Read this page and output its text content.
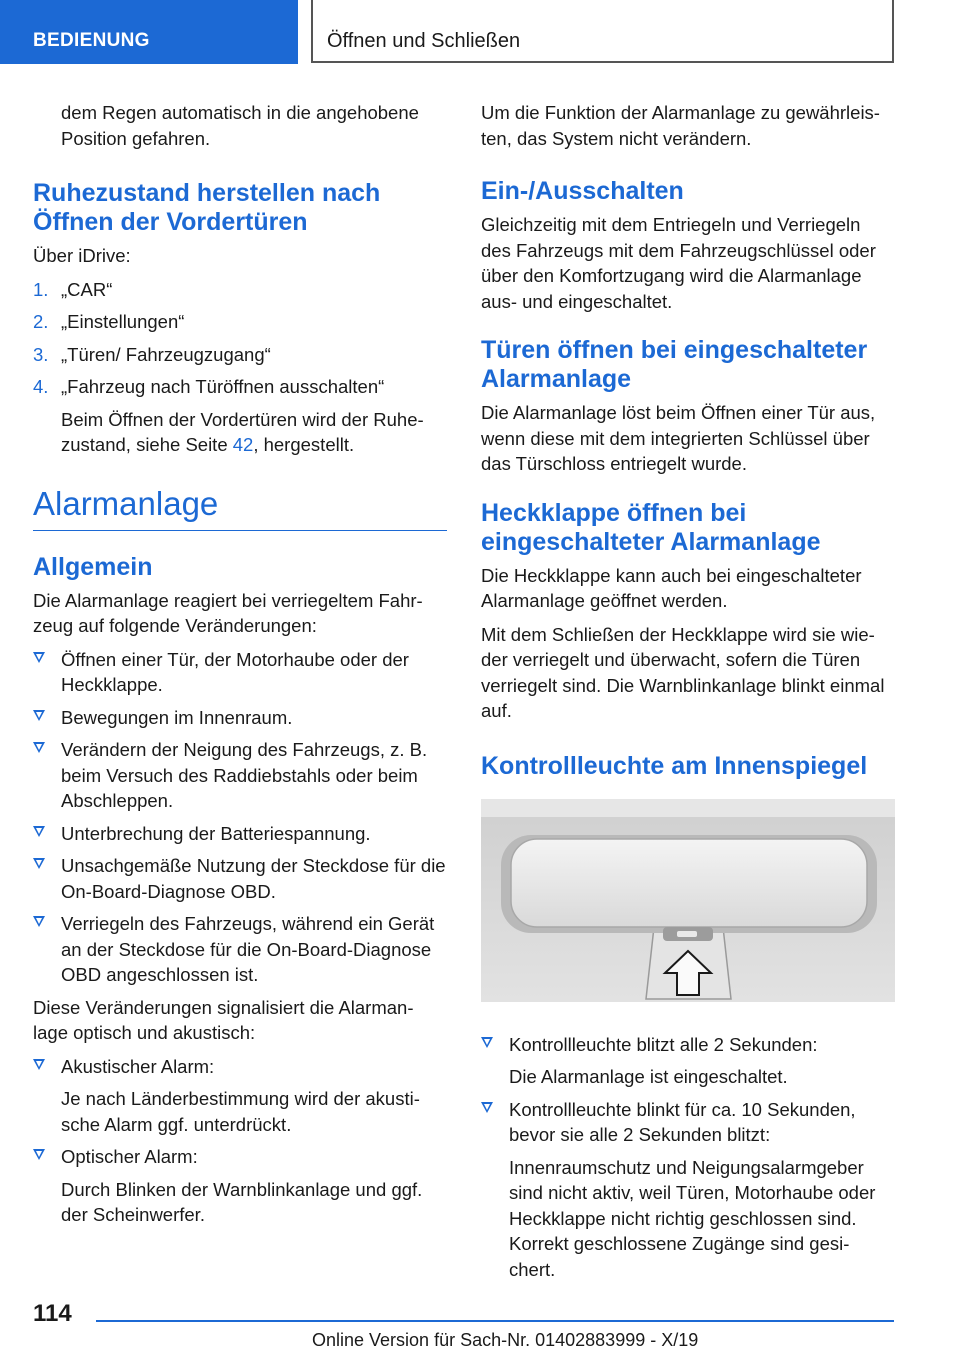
BEDIENUNG	Öffnen und Schließen

dem Regen automatisch in die angehobene Position gefahren.

Ruhezustand herstellen nach Öffnen der Vordertüren

Über iDrive:

1. „CAR“
2. „Einstellungen“
3. „Türen/ Fahrzeugzugang“
4. „Fahrzeug nach Türöffnen ausschalten“
Beim Öffnen der Vordertüren wird der Ruhe- zustand, siehe Seite 42, hergestellt.
Alarmanlage
Allgemein

Die Alarmanlage reagiert bei verriegeltem Fahr- zeug auf folgende Veränderungen:

Öffnen einer Tür, der Motorhaube oder der Heckklappe.
Bewegungen im Innenraum.
Verändern der Neigung des Fahrzeugs, z. B. beim Versuch des Raddiebstahls oder beim Abschleppen.
Unterbrechung der Batteriespannung.
Unsachgemäße Nutzung der Steckdose für die On-Board-Diagnose OBD.
Verriegeln des Fahrzeugs, während ein Gerät an der Steckdose für die On-Board-Diagnose OBD angeschlossen ist.

Diese Veränderungen signalisiert die Alarman- lage optisch und akustisch:

Akustischer Alarm:
Je nach Länderbestimmung wird der akusti- sche Alarm ggf. unterdrückt.
Optischer Alarm:
Durch Blinken der Warnblinkanlage und ggf. der Scheinwerfer.

Um die Funktion der Alarmanlage zu gewährleis- ten, das System nicht verändern.

Ein-/Ausschalten

Gleichzeitig mit dem Entriegeln und Verriegeln des Fahrzeugs mit dem Fahrzeugschlüssel oder über den Komfortzugang wird die Alarmanlage aus- und eingeschaltet.

Türen öffnen bei eingeschalteter Alarmanlage

Die Alarmanlage löst beim Öffnen einer Tür aus, wenn diese mit dem integrierten Schlüssel über das Türschloss entriegelt wurde.

Heckklappe öffnen bei eingeschalteter Alarmanlage

Die Heckklappe kann auch bei eingeschalteter Alarmanlage geöffnet werden.

Mit dem Schließen der Heckklappe wird sie wie- der verriegelt und überwacht, sofern die Türen verriegelt sind. Die Warnblinkanlage blinkt einmal auf.

Kontrollleuchte am Innenspiegel
Kontrollleuchte blitzt alle 2 Sekunden:
Die Alarmanlage ist eingeschaltet.
Kontrollleuchte blinkt für ca. 10 Sekunden, bevor sie alle 2 Sekunden blitzt:
Innenraumschutz und Neigungsalarmgeber sind nicht aktiv, weil Türen, Motorhaube oder Heckklappe nicht richtig geschlossen sind. Korrekt geschlossene Zugänge sind gesi- chert.
114
Online Version für Sach-Nr. 01402883999 - X/19
